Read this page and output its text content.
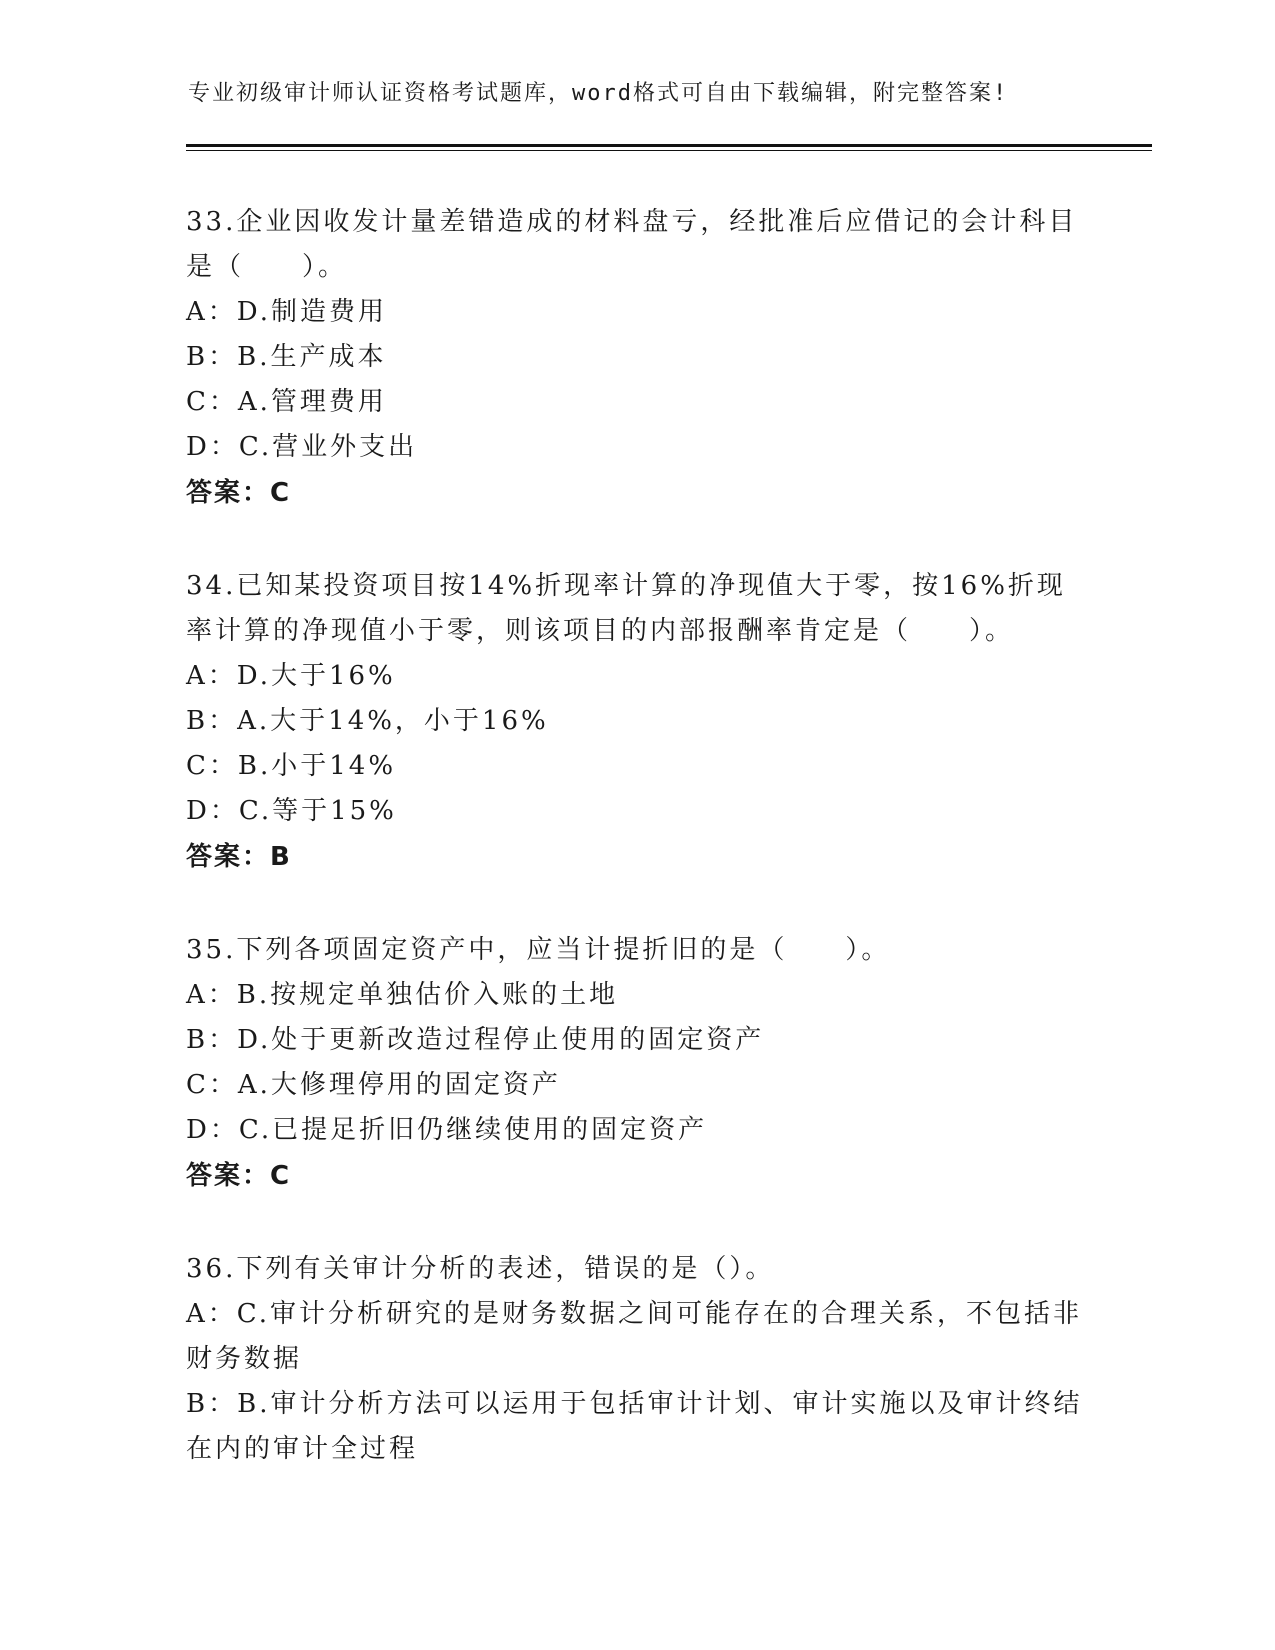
专业初级审计师认证资格考试题库，word格式可自由下载编辑，附完整答案!

33.企业因收发计量差错造成的材料盘亏，经批准后应借记的会计科目是（　　）。

A：D.制造费用

B：B.生产成本

C：A.管理费用

D：C.营业外支出

答案：C

34.已知某投资项目按14%折现率计算的净现值大于零，按16%折现率计算的净现值小于零，则该项目的内部报酬率肯定是（　　）。

A：D.大于16%

B：A.大于14%，小于16%

C：B.小于14%

D：C.等于15%

答案：B

35.下列各项固定资产中，应当计提折旧的是（　　）。

A：B.按规定单独估价入账的土地

B：D.处于更新改造过程停止使用的固定资产

C：A.大修理停用的固定资产

D：C.已提足折旧仍继续使用的固定资产

答案：C

36.下列有关审计分析的表述，错误的是（）。

A：C.审计分析研究的是财务数据之间可能存在的合理关系，不包括非财务数据

B：B.审计分析方法可以运用于包括审计计划、审计实施以及审计终结在内的审计全过程
